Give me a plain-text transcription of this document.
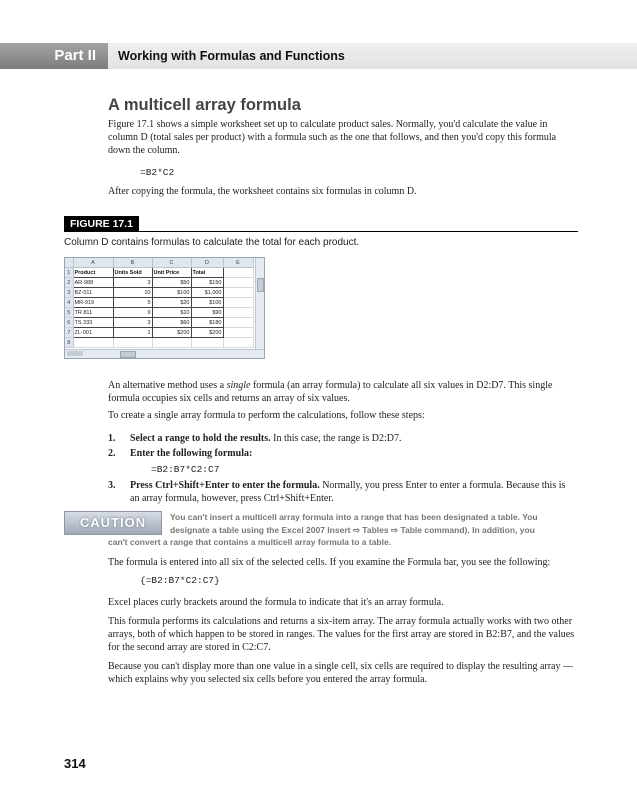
Part II	Working with Formulas and Functions
A multicell array formula

Figure 17.1 shows a simple worksheet set up to calculate product sales. Normally, you'd calculate the value in column D (total sales per product) with a formula such as the one that follows, and then you'd copy this formula down the column.

=B2*C2

After copying the formula, the worksheet contains six formulas in column D.

FIGURE 17.1
Column D contains formulas to calculate the total for each product.
	A	B	C	D	E
1	Product	Units Sold	Unit Price	Total	
2	AR-988	3	$50	$150	
3	BZ-011	10	$100	$1,000	
4	MR-919	5	$20	$100	
5	TR 811	9	$10	$90	
6	TS 333	3	$60	$180	
7	ZL-001	1	$200	$200	
8					

An alternative method uses a single formula (an array formula) to calculate all six values in D2:D7. This single formula occupies six cells and returns an array of six values.

To create a single array formula to perform the calculations, follow these steps:

1. Select a range to hold the results. In this case, the range is D2:D7.
2. Enter the following formula:
=B2:B7*C2:C7
3. Press Ctrl+Shift+Enter to enter the formula. Normally, you press Enter to enter a formula. Because this is an array formula, however, press Ctrl+Shift+Enter.
CAUTION	You can't insert a multicell array formula into a range that has been designated a table. You
designate a table using the Excel 2007 Insert ⇨ Tables ⇨ Table command). In addition, you
can't convert a range that contains a multicell array formula to a table.

The formula is entered into all six of the selected cells. If you examine the Formula bar, you see the following:

{=B2:B7*C2:C7}

Excel places curly brackets around the formula to indicate that it's an array formula.

This formula performs its calculations and returns a six-item array. The array formula actually works with two other arrays, both of which happen to be stored in ranges. The values for the first array are stored in B2:B7, and the values for the second array are stored in C2:C7.

Because you can't display more than one value in a single cell, six cells are required to display the resulting array — which explains why you selected six cells before you entered the array formula.

314
